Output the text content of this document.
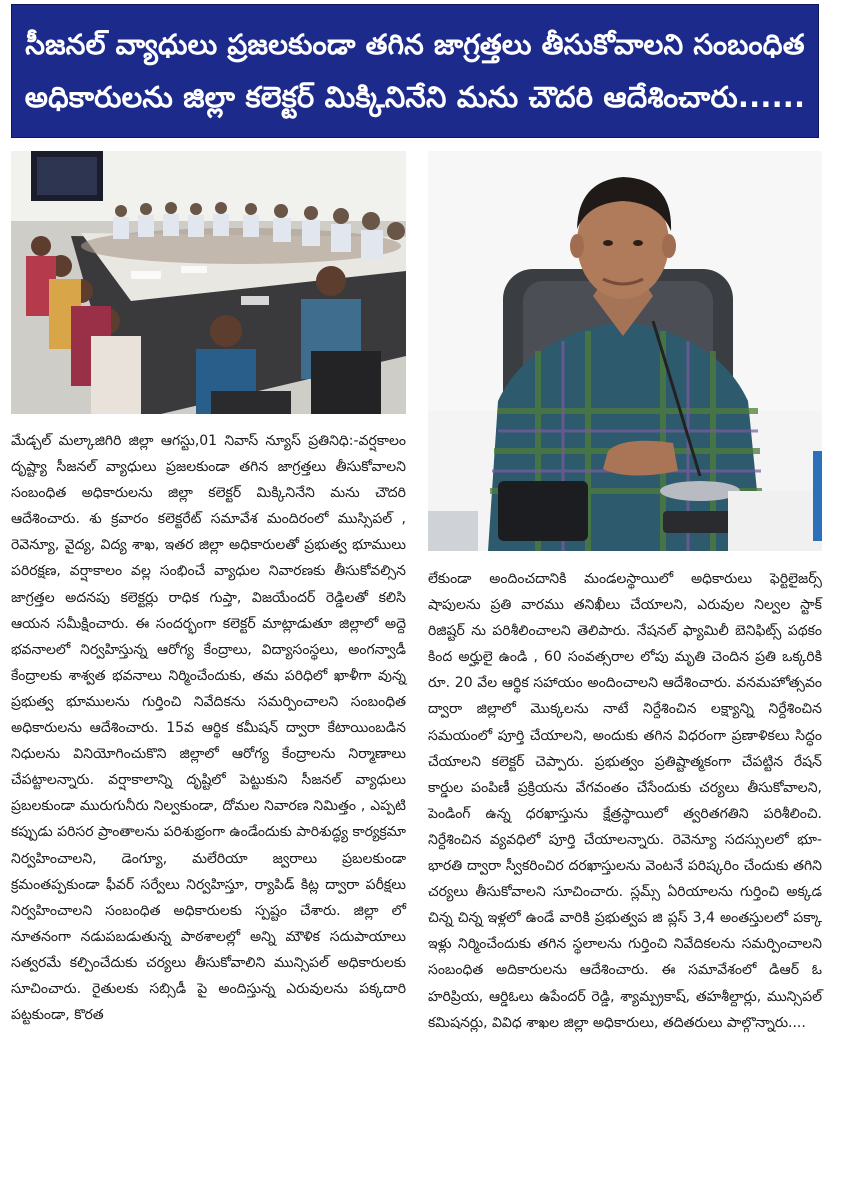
సీజనల్ వ్యాధులు ప్రజలకుండా తగిన జాగ్రత్తలు తీసుకోవాలని సంబంధిత
అధికారులను జిల్లా కలెక్టర్ మిక్కినినేని మను చౌదరి ఆదేశించారు......

మేడ్చల్ మల్కాజిగిరి జిల్లా ఆగస్టు,01 నివాస్ న్యూస్ ప్రతినిధి:-వర్షకాలం దృష్ట్యా సీజనల్ వ్యాధులు ప్రజలకుండా తగిన జాగ్రత్తలు తీసుకోవాలని సంబంధిత అధికారులను జిల్లా కలెక్టర్ మిక్కినినేని మను చౌదరి ఆదేశించారు. శు క్రవారం కలెక్టరేట్ సమావేశ మందిరంలో ముస్సిపల్ , రెవెన్యూ, వైద్య, విద్య శాఖ, ఇతర జిల్లా అధికారులతో ప్రభుత్వ భూములు పరిరక్షణ, వర్షాకాలం వల్ల సంభించే వ్యాధుల నివారణకు తీసుకోవల్సిన జాగ్రత్తల అదనపు కలెక్టర్లు రాధిక గుప్తా, విజయేందర్ రెడ్డిలతో కలిసి ఆయన సమీక్షించారు. ఈ సందర్భంగా కలెక్టర్ మాట్లాడుతూ జిల్లాలో అద్దె భవనాలలో నిర్వహిస్తున్న ఆరోగ్య కేంద్రాలు, విద్యాసంస్థలు, అంగన్వాడీ కేంద్రాలకు శాశ్వత భవనాలు నిర్మించేందుకు, తమ పరిధిలో ఖాళీగా వున్న ప్రభుత్వ భూములను గుర్తించి నివేదికను సమర్పించాలని సంబంధిత అధికారులను ఆదేశించారు. 15వ ఆర్థిక కమీషన్ ద్వారా కేటాయింబడిన నిధులను వినియోగించుకొని జిల్లాలో ఆరోగ్య కేంద్రాలను నిర్మాణాలు చేపట్టాలన్నారు. వర్షాకాలాన్ని దృష్టిలో పెట్టుకుని సీజనల్ వ్యాధులు ప్రబలకుండా మురుగునీరు నిల్వకుండా, దోమల నివారణ నిమిత్తం , ఎప్పటి కప్పుడు పరిసర ప్రాంతాలను పరిశుభ్రంగా ఉండేందుకు పారిశుద్ధ్య కార్యక్రమా నిర్వహించాలని, డెంగ్యూ, మలేరియా జ్వరాలు ప్రబలకుండా క్రమంతప్పకుండా ఫీవర్ సర్వేలు నిర్వహిస్తూ, ర్యాపిడ్ కిట్ల ద్వారా పరీక్షలు నిర్వహించాలని సంబంధిత అధికారులకు స్పష్టం చేశారు. జిల్లా లో నూతనంగా నడుపబడుతున్న పాఠశాలల్లో అన్ని మౌళిక సదుపాయాలు సత్వరమే కల్పించేదుకు చర్యలు తీసుకోవాలిని మున్సిపల్ అధికారులకు సూచించారు. రైతులకు సబ్సిడీ పై అందిస్తున్న ఎరువులను పక్కదారి పట్టకుండా, కొరత

లేకుండా అందించదానికి మండలస్థాయిలో అధికారులు ఫెర్టిలైజర్స్ షాపులను ప్రతి వారము తనిఖీలు చేయాలని, ఎరువుల నిల్వల స్టాక్ రిజిష్టర్ ను పరిశీలించాలని తెలిపారు. నేషనల్ ఫ్యామిలీ బెనిఫిట్స్ పథకం కింద అర్హులై ఉండి , 60 సంవత్సరాల లోపు మృతి చెందిన ప్రతి ఒక్కరికి రూ. 20 వేల ఆర్థిక సహాయం అందించాలని ఆదేశించారు. వనమహోత్సవం ద్వారా జిల్లాలో మొక్కలను నాటే నిర్దేశించిన లక్ష్యాన్ని నిర్దేశించిన సమయంలో పూర్తి చేయాలని, అందుకు తగిన విధరంగా ప్రణాళికలు సిద్ధం చేయాలని కలెక్టర్ చెప్పారు. ప్రభుత్వం ప్రతిష్టాత్మకంగా చేపట్టిన రేషన్ కార్డుల పంపిణీ ప్రక్రియను వేగవంతం చేసేందుకు చర్యలు తీసుకోవాలని, పెండింగ్ ఉన్న ధరఖాస్తును క్షేత్రస్థాయిలో త్వరితగతిని పరిశీలించి. నిర్దేశించిన వ్యవధిలో పూర్తి చేయాలన్నారు. రెవెన్యూ సదస్సులలో భూ- భారతి ద్వారా స్వీకరించిర దరఖాస్తులను వెంటనే పరిష్కరిం చేందుకు తగిని చర్యలు తీసుకోవాలని సూచించారు. స్లమ్స్ ఏరియాలను గుర్తించి అక్కడ చిన్న చిన్న ఇళ్లలో ఉండే వారికి ప్రభుత్వప జి ప్లస్ 3,4 అంతస్తులలో పక్కా ఇళ్లు నిర్మించేందుకు తగిన స్థలాలను గుర్తించి నివేదికలను సమర్పించాలని సంబంధిత అదికారులను ఆదేశించారు. ఈ సమావేశంలో డిఆర్ ఓ హరిప్రియ, ఆర్డిఓలు ఉపేందర్ రెడ్డి, శ్యామ్ప్రకాష్, తహశీల్దార్లు, మున్సిపల్ కమిషనర్లు, వివిధ శాఖల జిల్లా అధికారులు, తదితరులు పాల్గొన్నారు....
